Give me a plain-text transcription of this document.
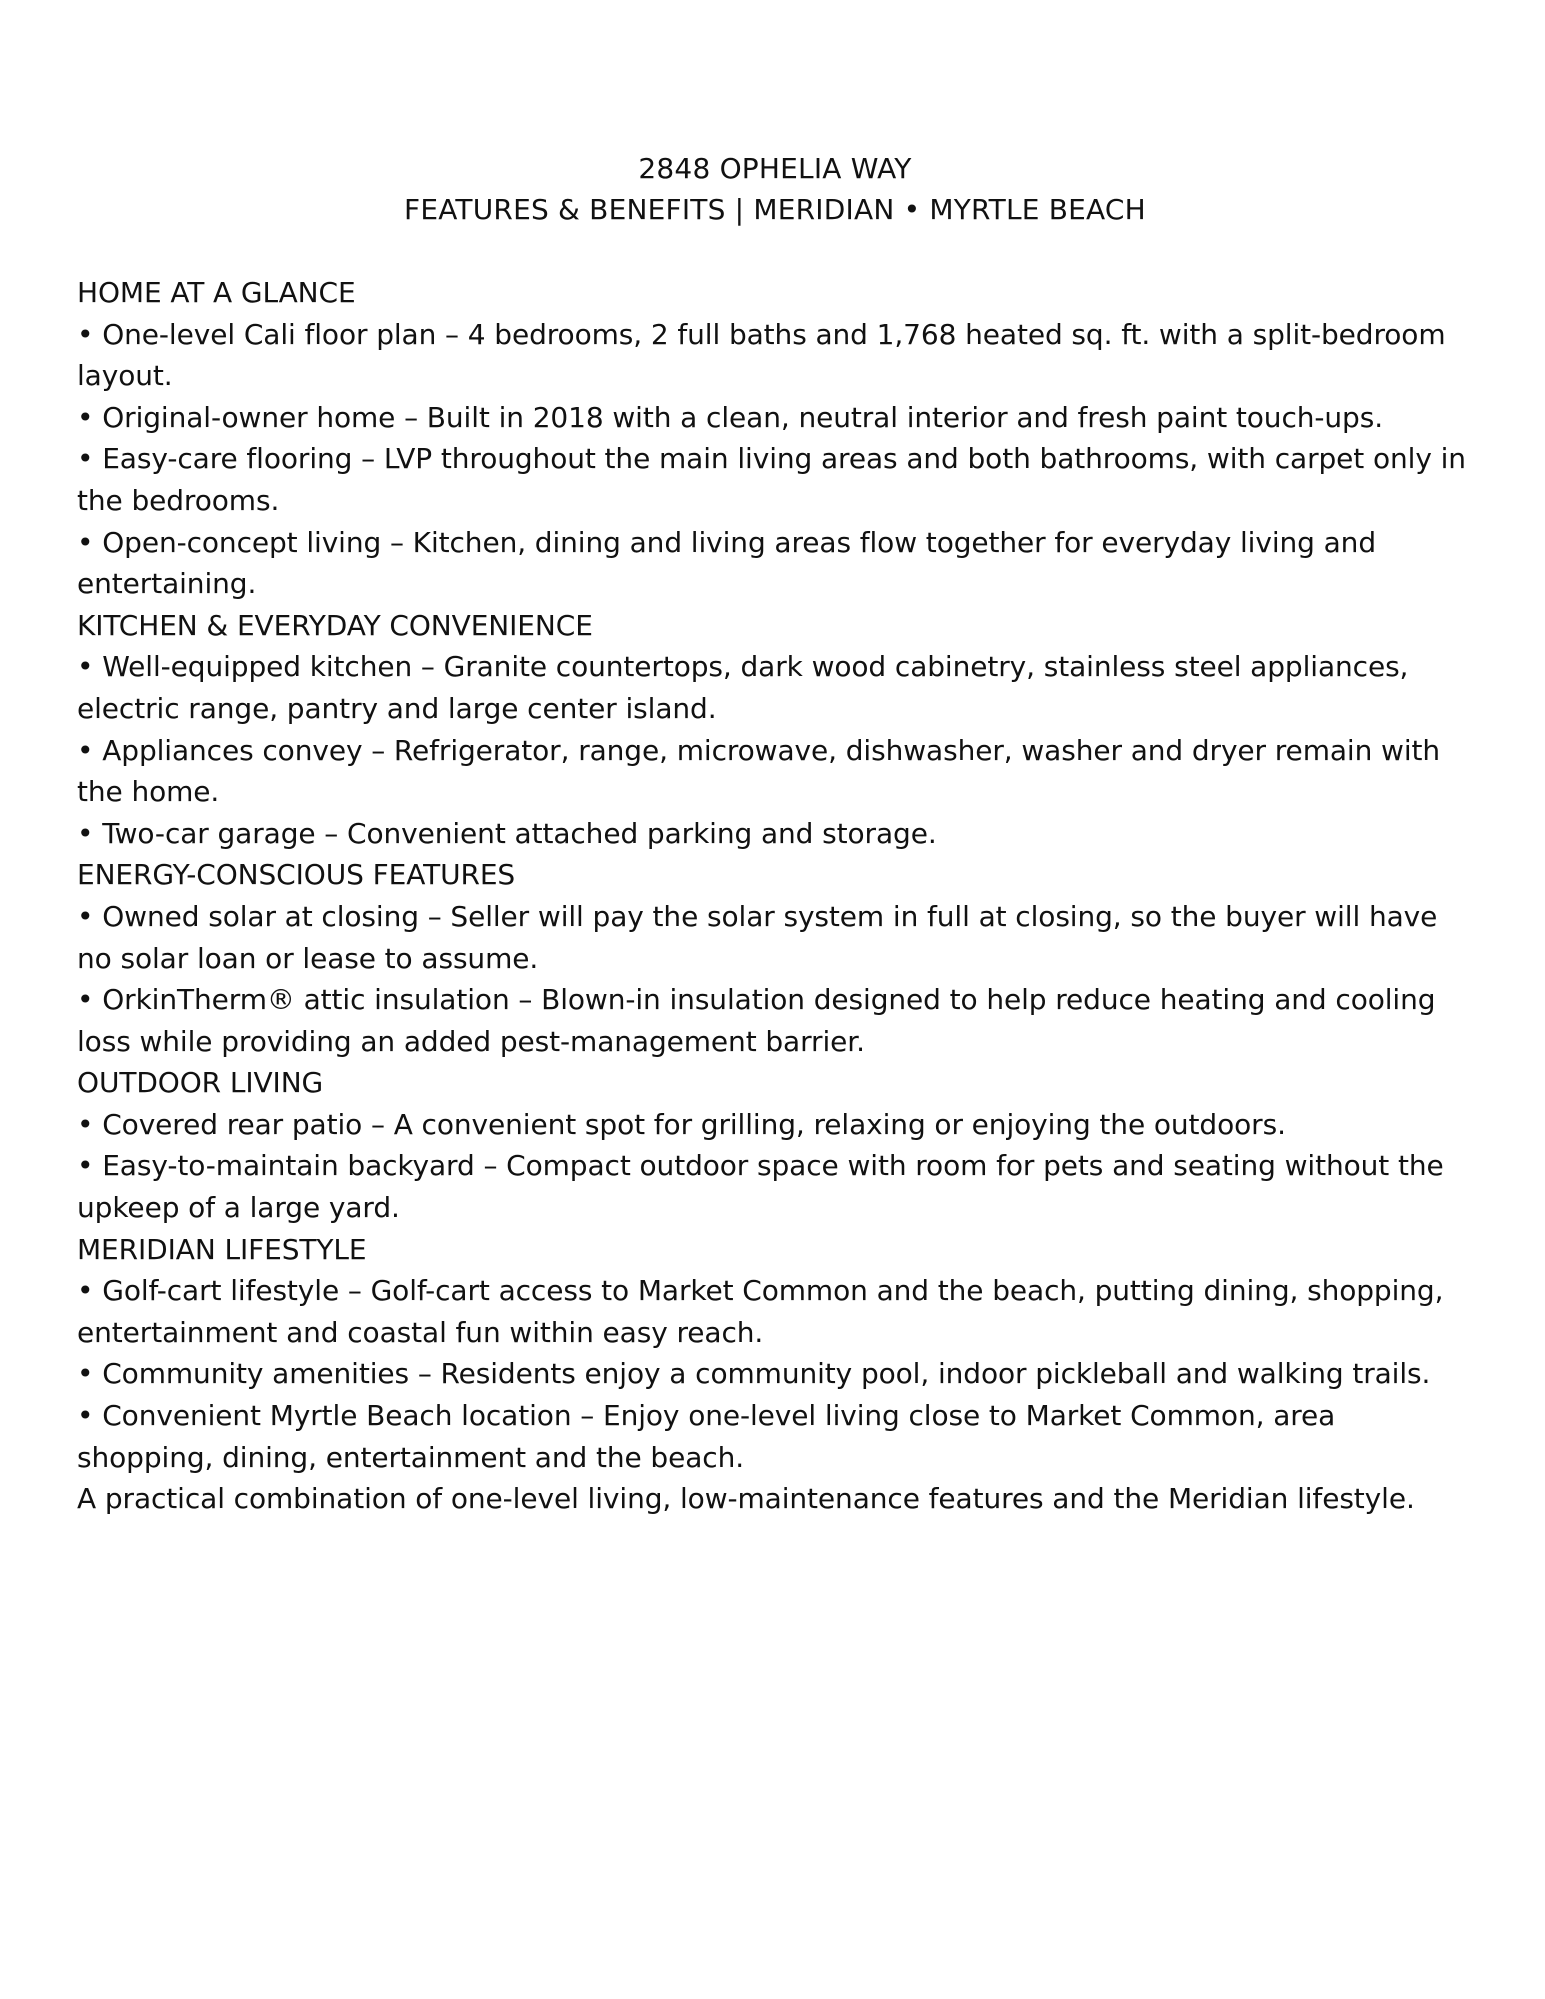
2848 OPHELIA WAY
FEATURES & BENEFITS | MERIDIAN • MYRTLE BEACH
HOME AT A GLANCE
• One-level Cali floor plan – 4 bedrooms, 2 full baths and 1,768 heated sq. ft. with a split-bedroom layout.
• Original-owner home – Built in 2018 with a clean, neutral interior and fresh paint touch-ups.
• Easy-care flooring – LVP throughout the main living areas and both bathrooms, with carpet only in the bedrooms.
• Open-concept living – Kitchen, dining and living areas flow together for everyday living and entertaining.
KITCHEN & EVERYDAY CONVENIENCE
• Well-equipped kitchen – Granite countertops, dark wood cabinetry, stainless steel appliances, electric range, pantry and large center island.
• Appliances convey – Refrigerator, range, microwave, dishwasher, washer and dryer remain with the home.
• Two-car garage – Convenient attached parking and storage.
ENERGY-CONSCIOUS FEATURES
• Owned solar at closing – Seller will pay the solar system in full at closing, so the buyer will have no solar loan or lease to assume.
• OrkinTherm® attic insulation – Blown-in insulation designed to help reduce heating and cooling loss while providing an added pest-management barrier.
OUTDOOR LIVING
• Covered rear patio – A convenient spot for grilling, relaxing or enjoying the outdoors.
• Easy-to-maintain backyard – Compact outdoor space with room for pets and seating without the upkeep of a large yard.
MERIDIAN LIFESTYLE
• Golf-cart lifestyle – Golf-cart access to Market Common and the beach, putting dining, shopping, entertainment and coastal fun within easy reach.
• Community amenities – Residents enjoy a community pool, indoor pickleball and walking trails.
• Convenient Myrtle Beach location – Enjoy one-level living close to Market Common, area shopping, dining, entertainment and the beach.

A practical combination of one-level living, low-maintenance features and the Meridian lifestyle.
